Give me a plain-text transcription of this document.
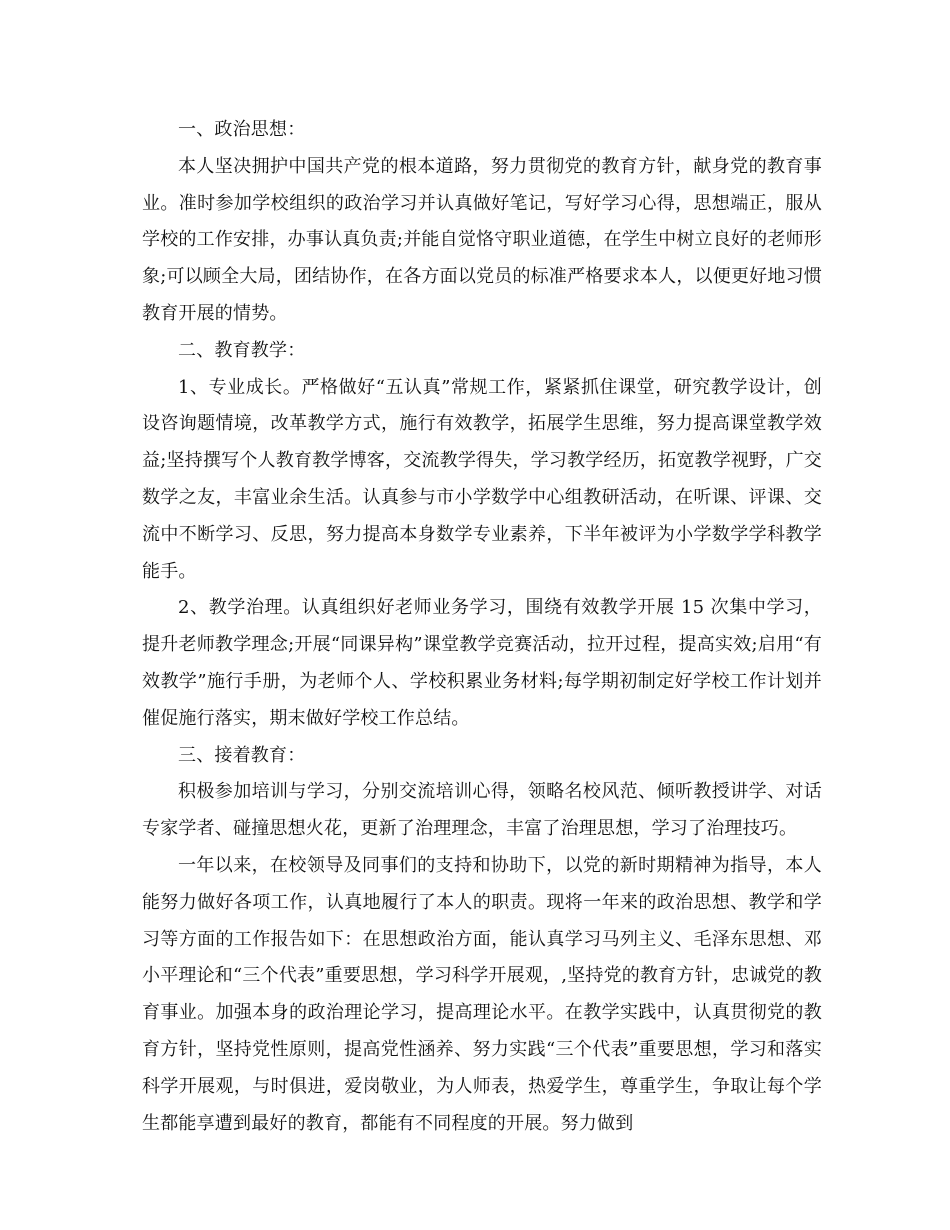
一、政治思想：

本人坚决拥护中国共产党的根本道路，努力贯彻党的教育方针，献身党的教育事业。准时参加学校组织的政治学习并认真做好笔记，写好学习心得，思想端正，服从学校的工作安排，办事认真负责;并能自觉恪守职业道德，在学生中树立良好的老师形象;可以顾全大局，团结协作，在各方面以党员的标准严格要求本人，以便更好地习惯教育开展的情势。

二、教育教学：

1、专业成长。严格做好“五认真”常规工作，紧紧抓住课堂，研究教学设计，创设咨询题情境，改革教学方式，施行有效教学，拓展学生思维，努力提高课堂教学效益;坚持撰写个人教育教学博客，交流教学得失，学习教学经历，拓宽教学视野，广交数学之友，丰富业余生活。认真参与市小学数学中心组教研活动，在听课、评课、交流中不断学习、反思，努力提高本身数学专业素养，下半年被评为小学数学学科教学能手。

2、教学治理。认真组织好老师业务学习，围绕有效教学开展 15 次集中学习，提升老师教学理念;开展“同课异构”课堂教学竞赛活动，拉开过程，提高实效;启用“有效教学”施行手册，为老师个人、学校积累业务材料;每学期初制定好学校工作计划并催促施行落实，期末做好学校工作总结。

三、接着教育：

积极参加培训与学习，分别交流培训心得，领略名校风范、倾听教授讲学、对话专家学者、碰撞思想火花，更新了治理理念，丰富了治理思想，学习了治理技巧。

一年以来，在校领导及同事们的支持和协助下，以党的新时期精神为指导，本人能努力做好各项工作，认真地履行了本人的职责。现将一年来的政治思想、教学和学习等方面的工作报告如下：在思想政治方面，能认真学习马列主义、毛泽东思想、邓小平理论和“三个代表”重要思想，学习科学开展观，,坚持党的教育方针，忠诚党的教育事业。加强本身的政治理论学习，提高理论水平。在教学实践中，认真贯彻党的教育方针，坚持党性原则，提高党性涵养、努力实践“三个代表”重要思想，学习和落实科学开展观，与时俱进，爱岗敬业，为人师表，热爱学生，尊重学生，争取让每个学生都能享遭到最好的教育，都能有不同程度的开展。努力做到
